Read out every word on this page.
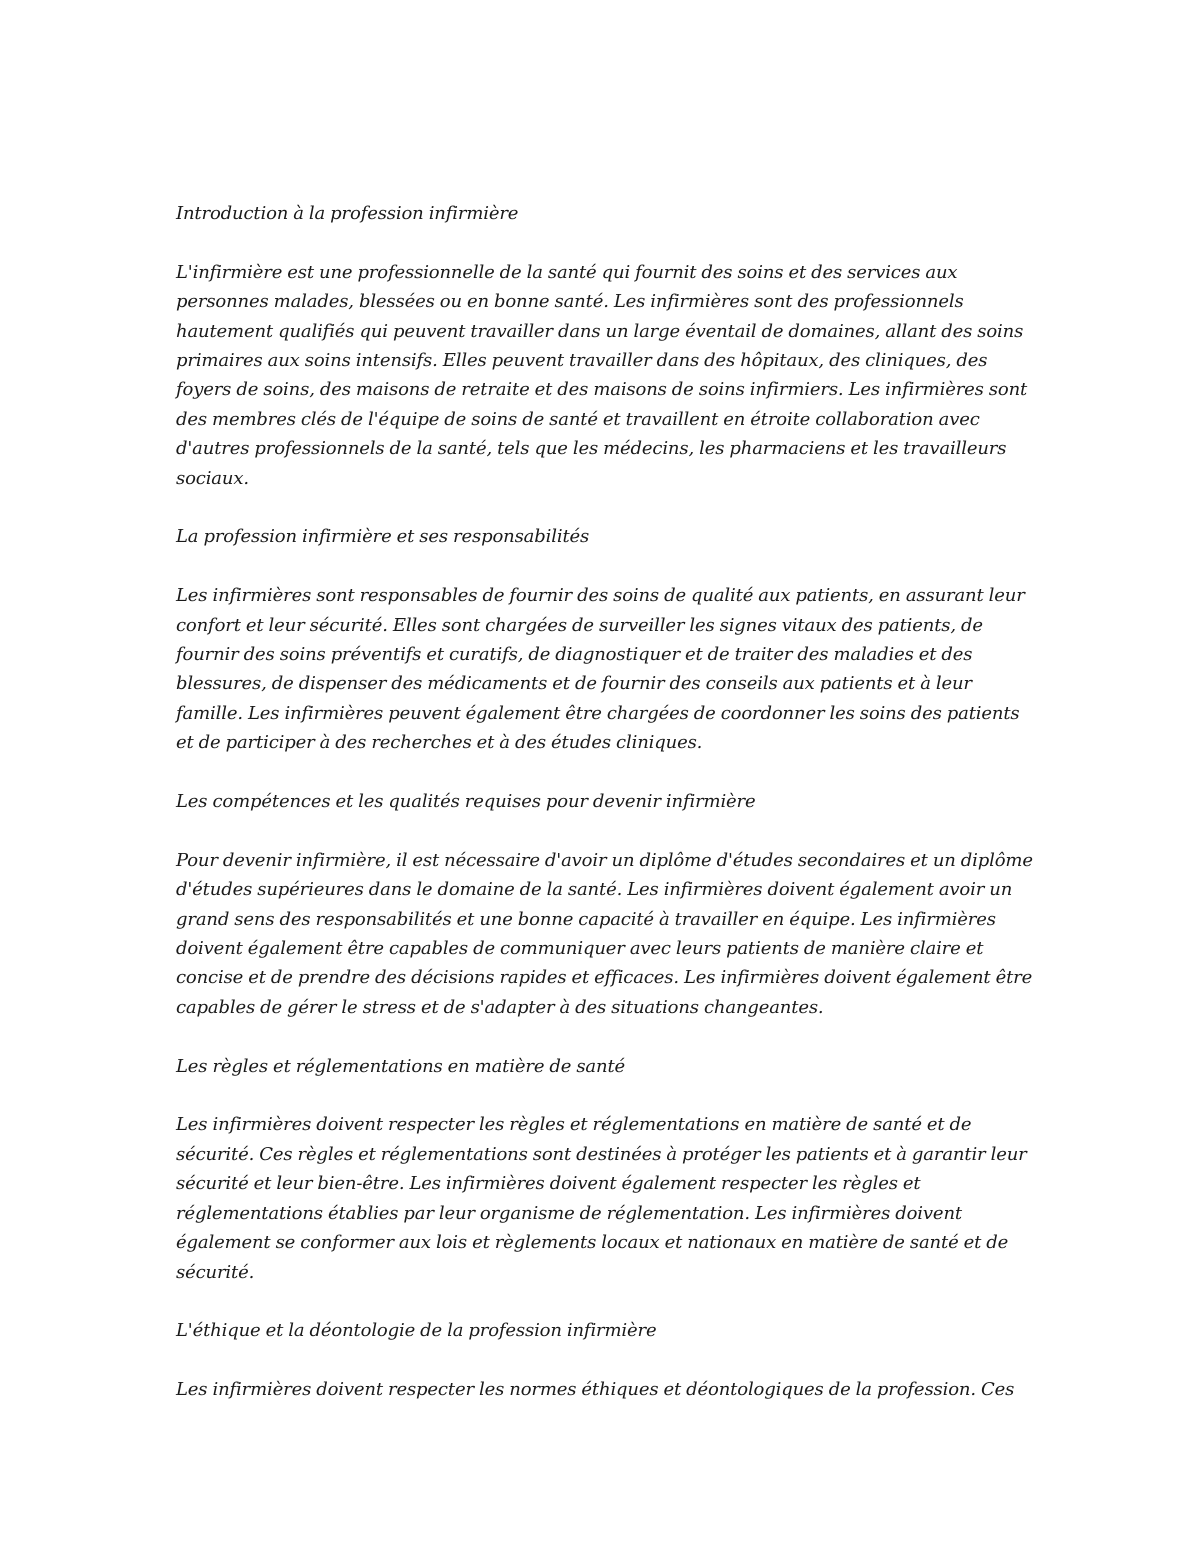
Introduction à la profession infirmière

L'infirmière est une professionnelle de la santé qui fournit des soins et des services aux personnes malades, blessées ou en bonne santé. Les infirmières sont des professionnels hautement qualifiés qui peuvent travailler dans un large éventail de domaines, allant des soins primaires aux soins intensifs. Elles peuvent travailler dans des hôpitaux, des cliniques, des foyers de soins, des maisons de retraite et des maisons de soins infirmiers. Les infirmières sont des membres clés de l'équipe de soins de santé et travaillent en étroite collaboration avec d'autres professionnels de la santé, tels que les médecins, les pharmaciens et les travailleurs sociaux.

La profession infirmière et ses responsabilités

Les infirmières sont responsables de fournir des soins de qualité aux patients, en assurant leur confort et leur sécurité. Elles sont chargées de surveiller les signes vitaux des patients, de fournir des soins préventifs et curatifs, de diagnostiquer et de traiter des maladies et des blessures, de dispenser des médicaments et de fournir des conseils aux patients et à leur famille. Les infirmières peuvent également être chargées de coordonner les soins des patients et de participer à des recherches et à des études cliniques.

Les compétences et les qualités requises pour devenir infirmière

Pour devenir infirmière, il est nécessaire d'avoir un diplôme d'études secondaires et un diplôme d'études supérieures dans le domaine de la santé. Les infirmières doivent également avoir un grand sens des responsabilités et une bonne capacité à travailler en équipe. Les infirmières doivent également être capables de communiquer avec leurs patients de manière claire et concise et de prendre des décisions rapides et efficaces. Les infirmières doivent également être capables de gérer le stress et de s'adapter à des situations changeantes.

Les règles et réglementations en matière de santé

Les infirmières doivent respecter les règles et réglementations en matière de santé et de sécurité. Ces règles et réglementations sont destinées à protéger les patients et à garantir leur sécurité et leur bien-être. Les infirmières doivent également respecter les règles et réglementations établies par leur organisme de réglementation. Les infirmières doivent également se conformer aux lois et règlements locaux et nationaux en matière de santé et de sécurité.

L'éthique et la déontologie de la profession infirmière

Les infirmières doivent respecter les normes éthiques et déontologiques de la profession. Ces
